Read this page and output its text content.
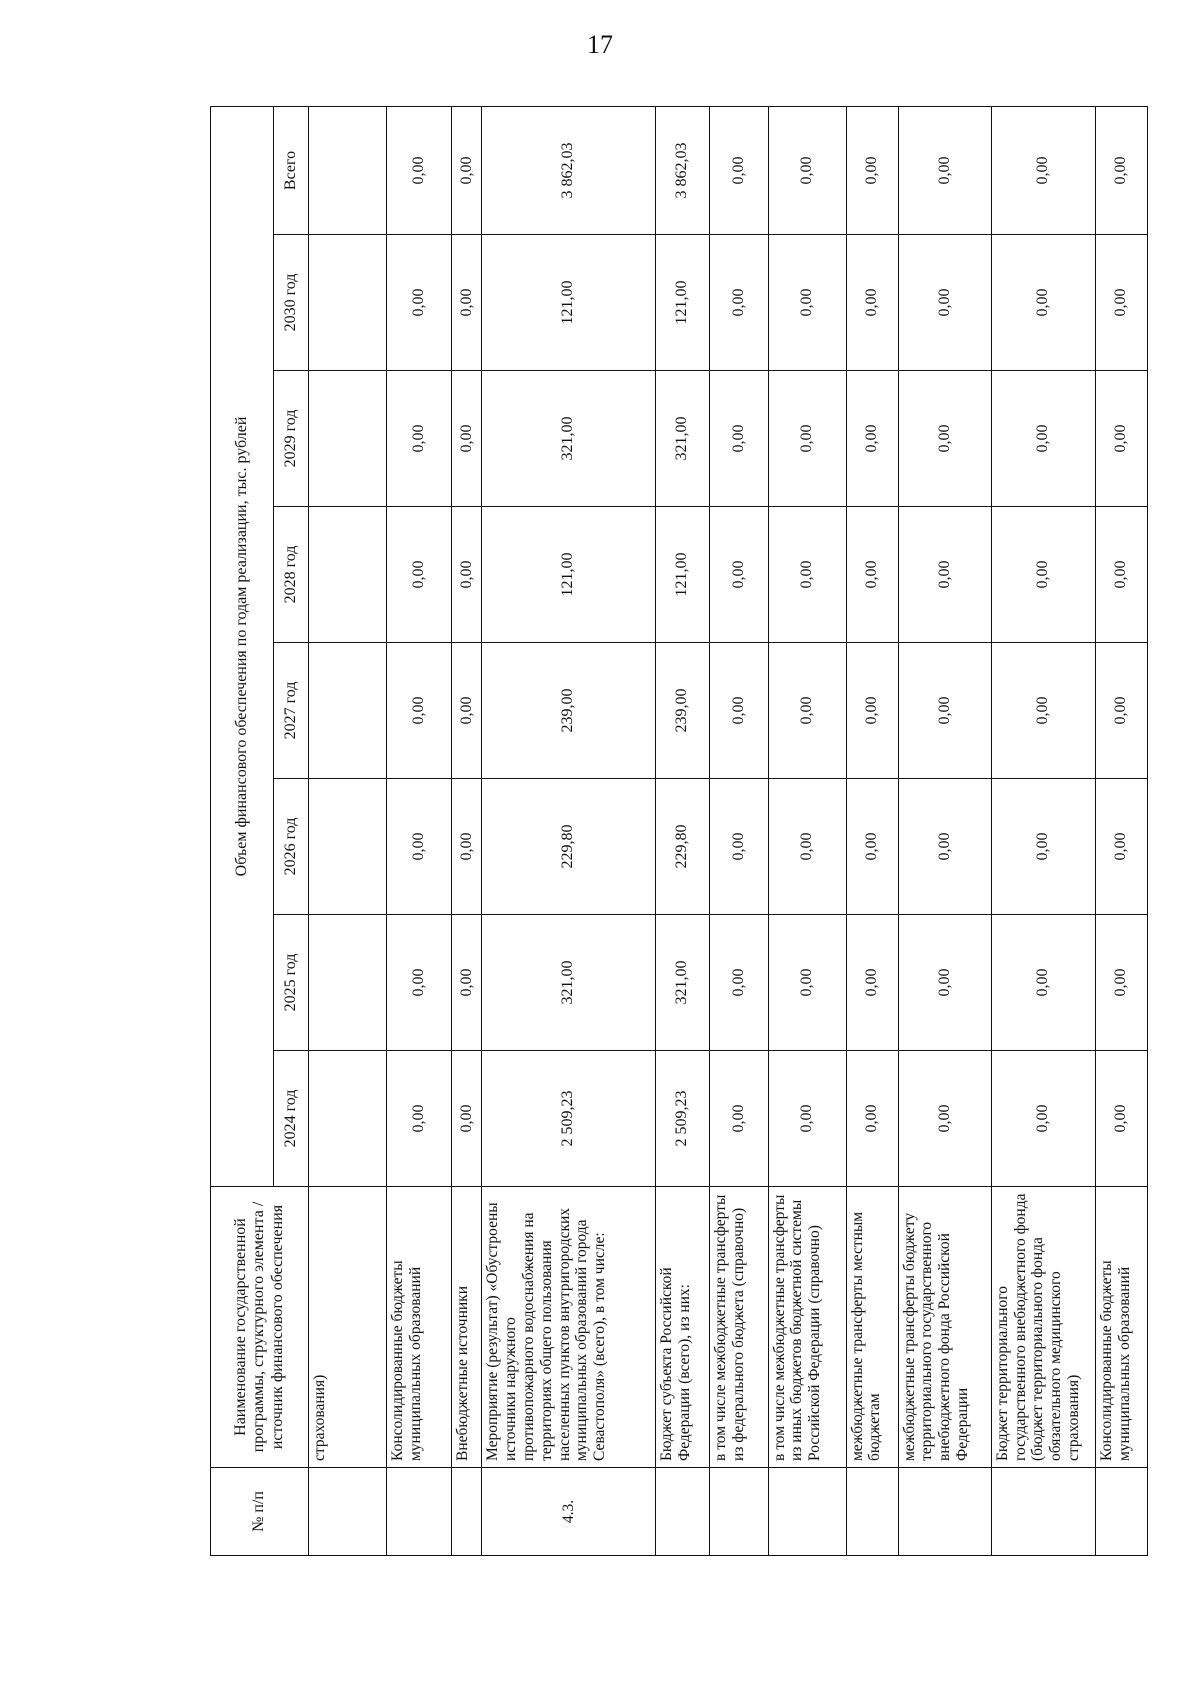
17
№ п/п	Наименование государственной программы, структурного элемента / источник финансового обеспечения	Объем финансового обеспечения по годам реализации, тыс. рублей							
		2024 год	2025 год	2026 год	2027 год	2028 год	2029 год	2030 год	Всего
	страхования)								
	Консолидированные бюджеты муниципальных образований	0,00	0,00	0,00	0,00	0,00	0,00	0,00	0,00
	Внебюджетные источники	0,00	0,00	0,00	0,00	0,00	0,00	0,00	0,00
4.3.	Мероприятие (результат) «Обустроены источники наружного противопожарного водоснабжения на территориях общего пользования населенных пунктов внутригородских муниципальных образований города Севастополя» (всего), в том числе:	2 509,23	321,00	229,80	239,00	121,00	321,00	121,00	3 862,03
	Бюджет субъекта Российской Федерации (всего), из них:	2 509,23	321,00	229,80	239,00	121,00	321,00	121,00	3 862,03
	в том числе межбюджетные трансферты из федерального бюджета (справочно)	0,00	0,00	0,00	0,00	0,00	0,00	0,00	0,00
	в том числе межбюджетные трансферты из иных бюджетов бюджетной системы Российской Федерации (справочно)	0,00	0,00	0,00	0,00	0,00	0,00	0,00	0,00
	межбюджетные трансферты местным бюджетам	0,00	0,00	0,00	0,00	0,00	0,00	0,00	0,00
	межбюджетные трансферты бюджету территориального государственного внебюджетного фонда Российской Федерации	0,00	0,00	0,00	0,00	0,00	0,00	0,00	0,00
	Бюджет территориального государственного внебюджетного фонда (бюджет территориального фонда обязательного медицинского страхования)	0,00	0,00	0,00	0,00	0,00	0,00	0,00	0,00
	Консолидированные бюджеты муниципальных образований	0,00	0,00	0,00	0,00	0,00	0,00	0,00	0,00
